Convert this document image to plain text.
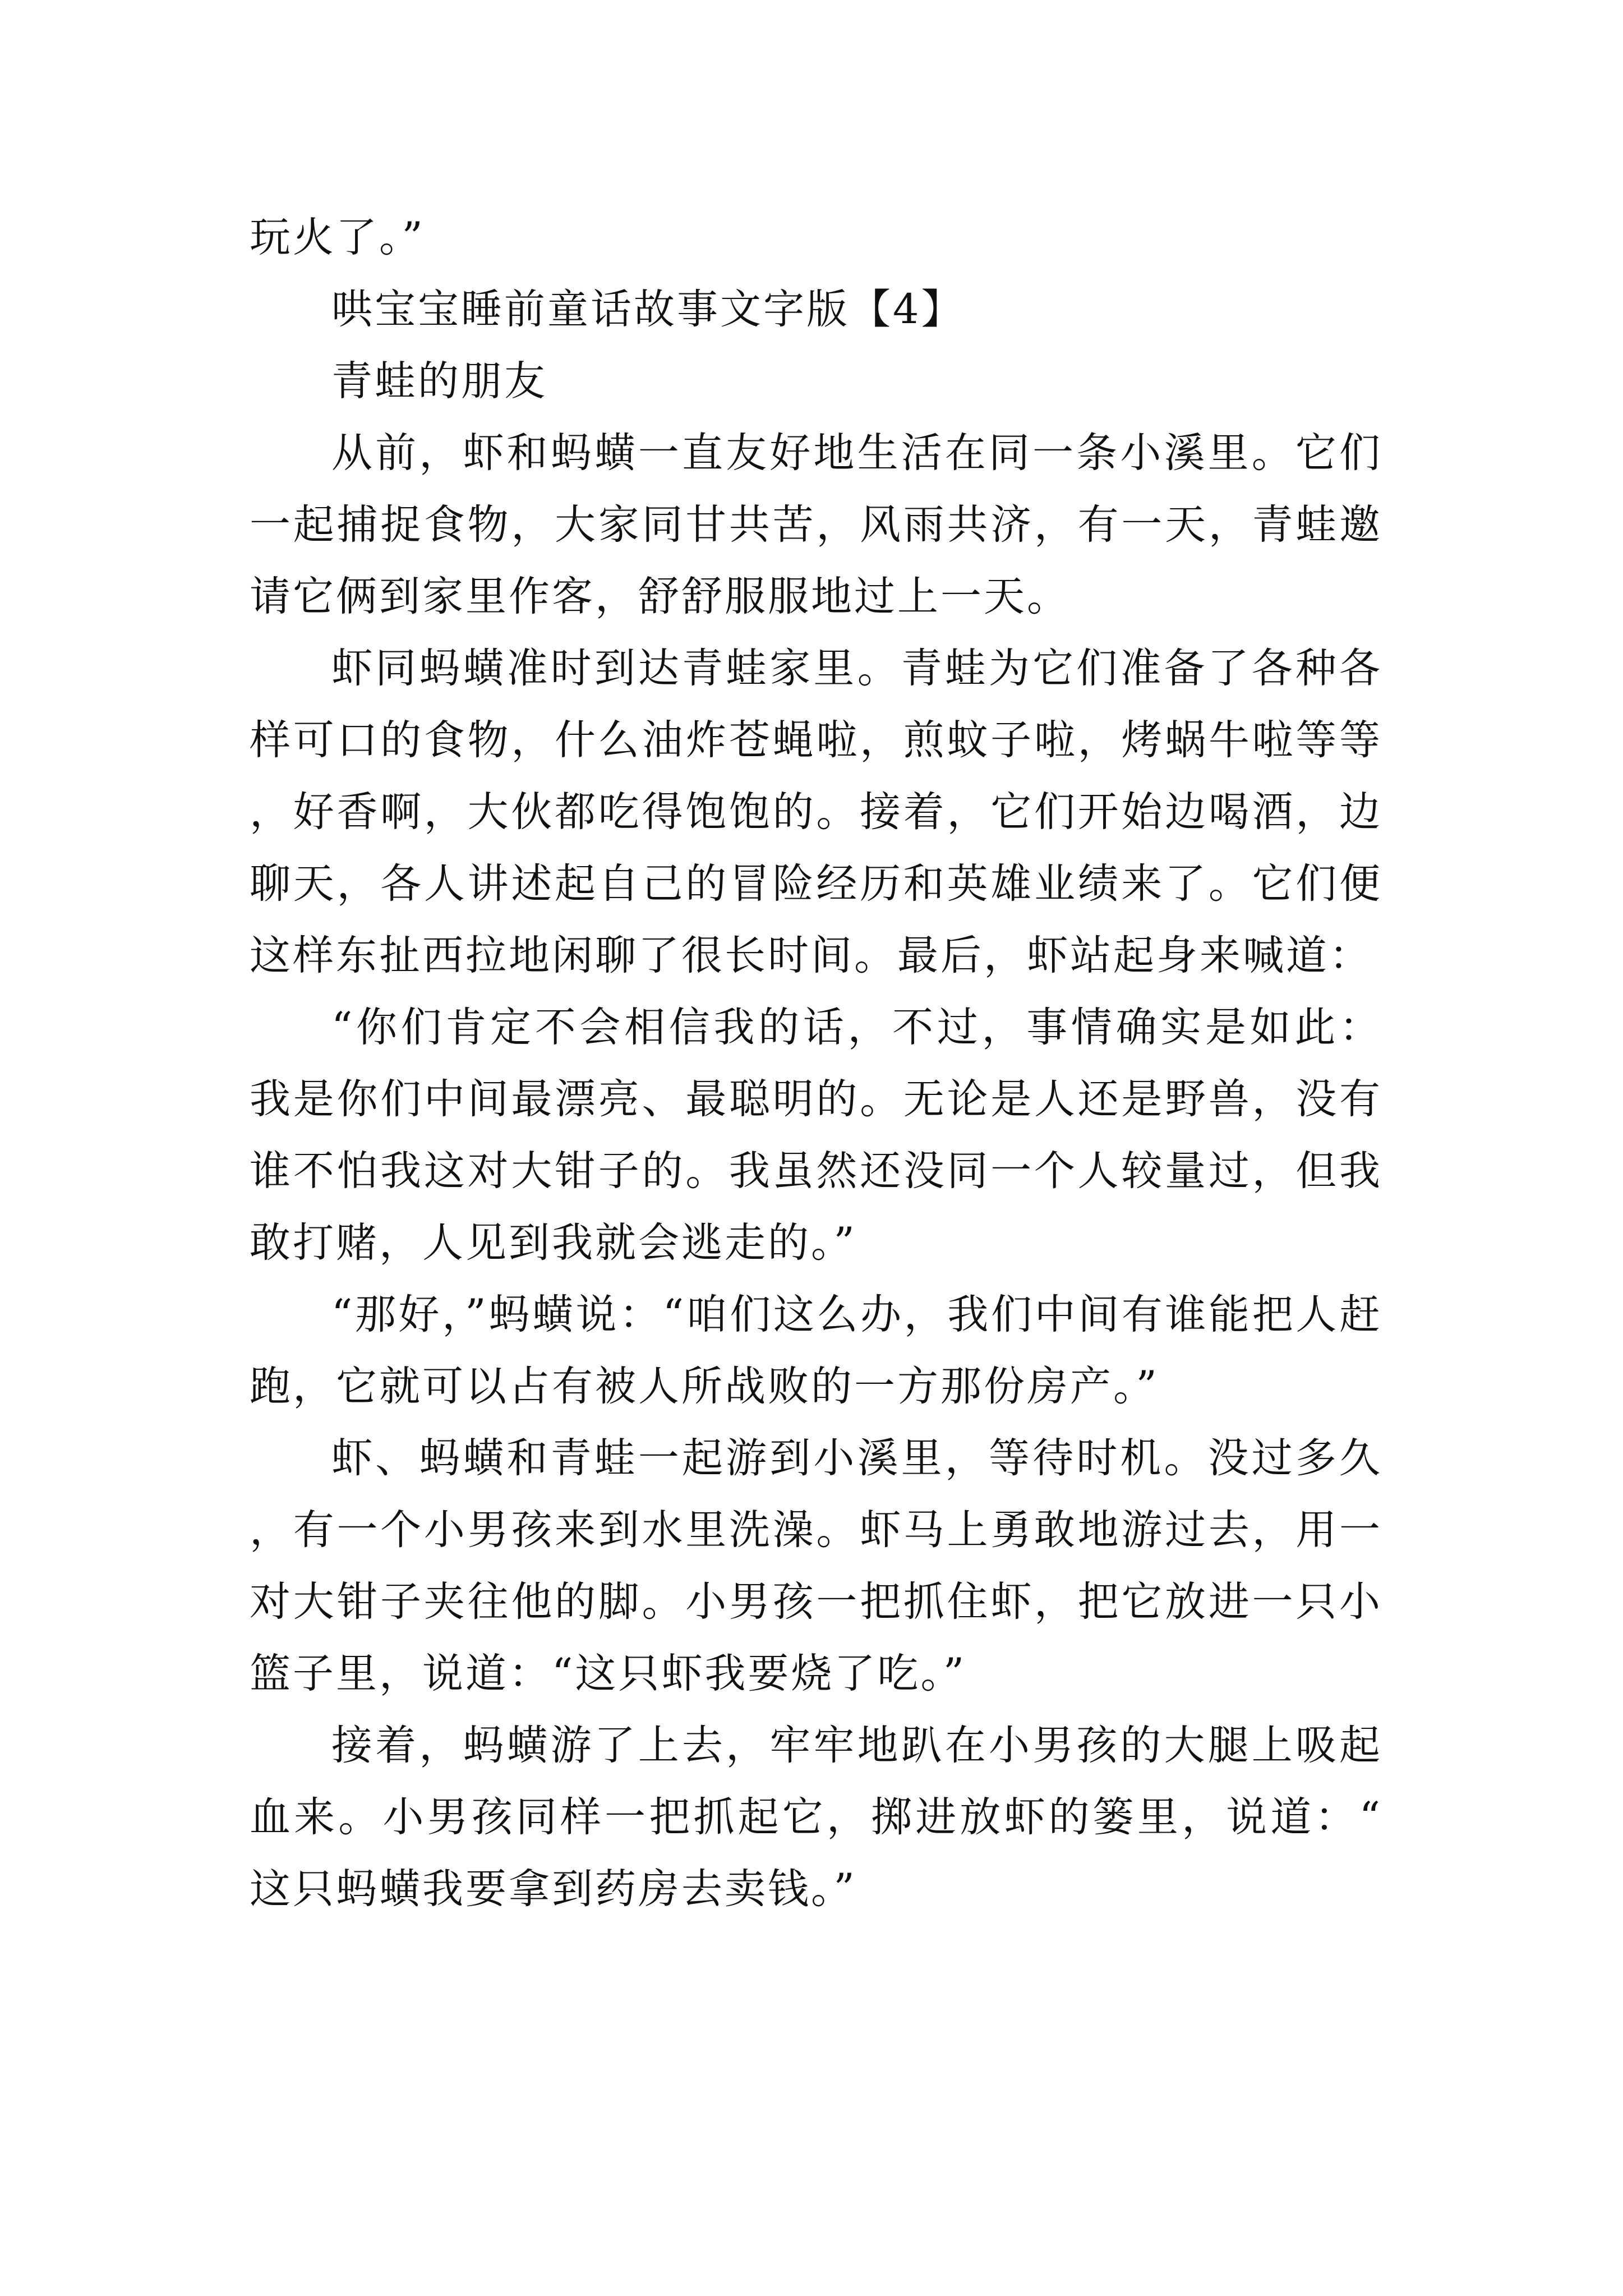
玩火了。”

哄宝宝睡前童话故事文字版【4】

青蛙的朋友

从前，虾和蚂蟥一直友好地生活在同一条小溪里。它们一起捕捉食物，大家同甘共苦，风雨共济，有一天，青蛙邀请它俩到家里作客，舒舒服服地过上一天。

虾同蚂蟥准时到达青蛙家里。青蛙为它们准备了各种各样可口的食物，什么油炸苍蝇啦，煎蚊子啦，烤蜗牛啦等等，好香啊，大伙都吃得饱饱的。接着，它们开始边喝酒，边聊天，各人讲述起自己的冒险经历和英雄业绩来了。它们便这样东扯西拉地闲聊了很长时间。最后，虾站起身来喊道：

“你们肯定不会相信我的话，不过，事情确实是如此：我是你们中间最漂亮、最聪明的。无论是人还是野兽，没有谁不怕我这对大钳子的。我虽然还没同一个人较量过，但我敢打赌，人见到我就会逃走的。”

“那好，”蚂蟥说：“咱们这么办，我们中间有谁能把人赶跑，它就可以占有被人所战败的一方那份房产。”

虾、蚂蟥和青蛙一起游到小溪里，等待时机。没过多久，有一个小男孩来到水里洗澡。虾马上勇敢地游过去，用一对大钳子夹往他的脚。小男孩一把抓住虾，把它放进一只小篮子里，说道：“这只虾我要烧了吃。”

接着，蚂蟥游了上去，牢牢地趴在小男孩的大腿上吸起血来。小男孩同样一把抓起它，掷进放虾的篓里，说道：“这只蚂蟥我要拿到药房去卖钱。”
